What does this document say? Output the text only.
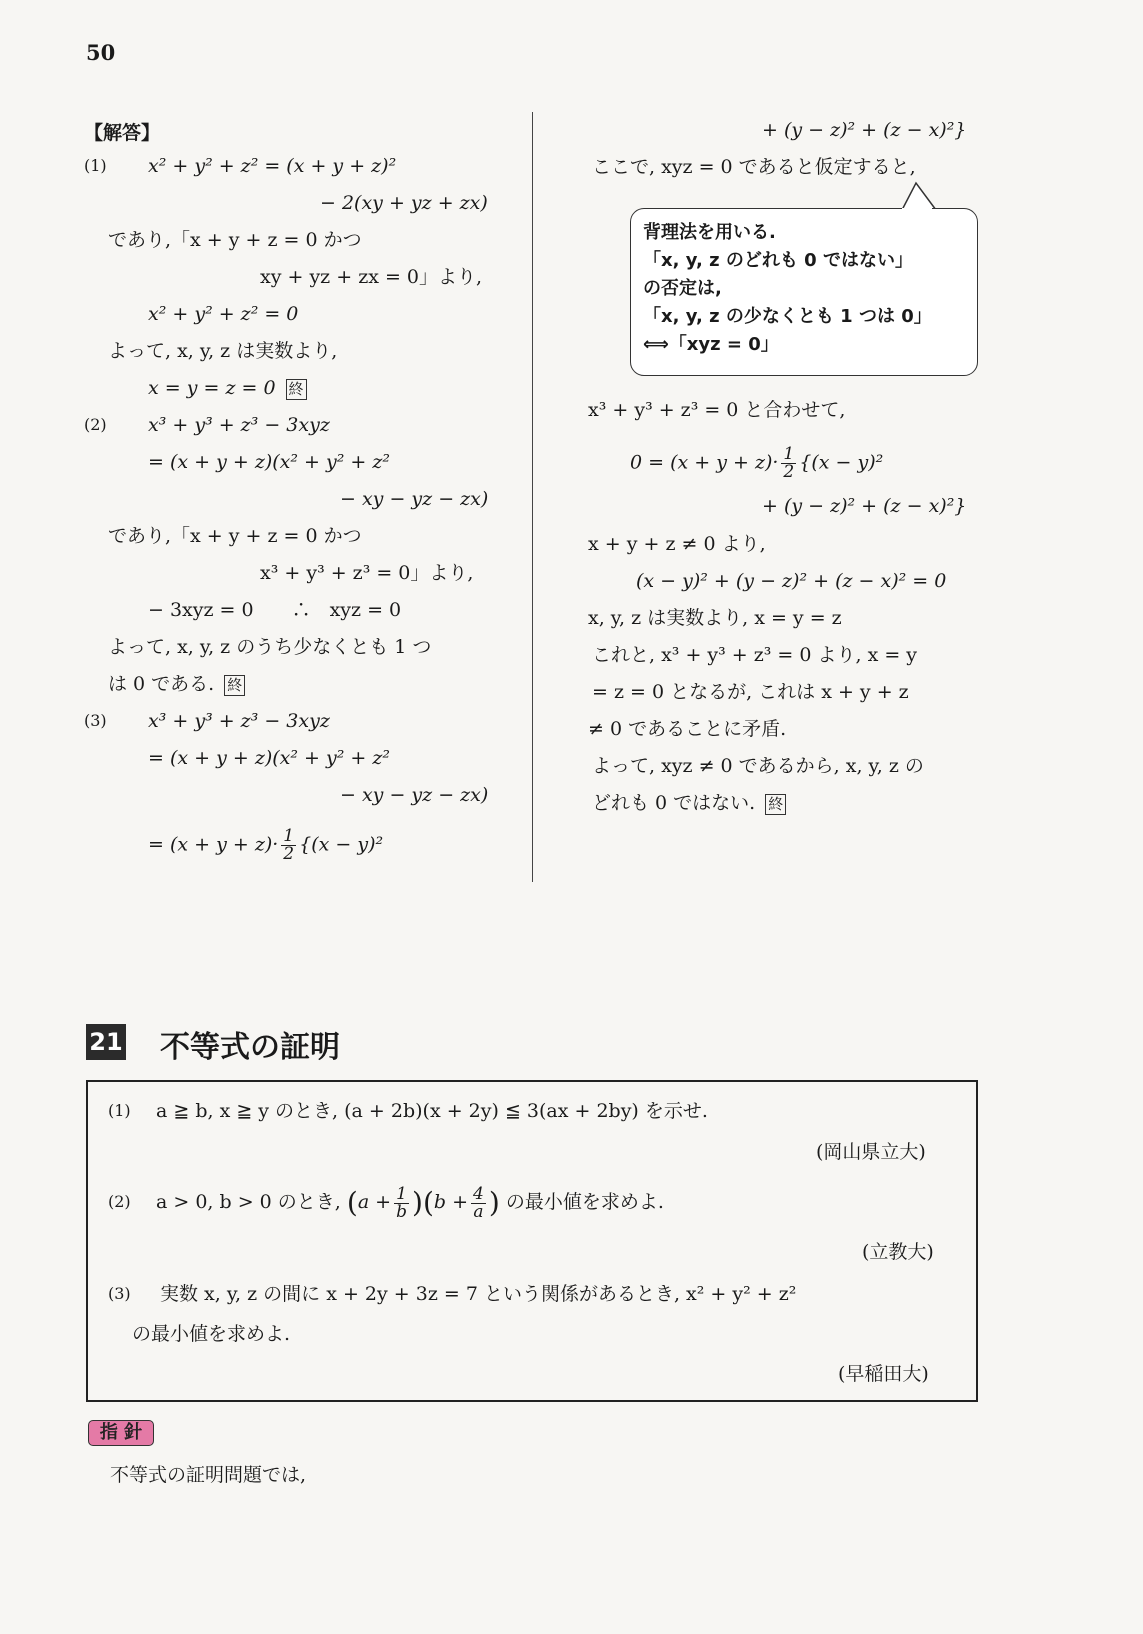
50
【解答】
(1) x² + y² + z² = (x + y + z)²
− 2(xy + yz + zx)
であり,「x + y + z = 0 かつ
xy + yz + zx = 0」より,
x² + y² + z² = 0
よって, x, y, z は実数より,
x = y = z = 0 終
(2) x³ + y³ + z³ − 3xyz
= (x + y + z)(x² + y² + z²
− xy − yz − zx)
であり,「x + y + z = 0 かつ
x³ + y³ + z³ = 0」より,
− 3xyz = 0　　∴　xyz = 0
よって, x, y, z のうち少なくとも 1 つ
は 0 である. 終
(3) x³ + y³ + z³ − 3xyz
= (x + y + z)(x² + y² + z²
− xy − yz − zx)
= $(x + y + z)\cdot \frac{1}{2} \{(x - y)^2$
+ (y − z)² + (z − x)²}
ここで, xyz = 0 であると仮定すると,
背理法を用いる.
「x, y, z のどれも 0 ではない」
の否定は,
「x, y, z の少なくとも 1 つは 0」
⟺「xyz = 0」
x³ + y³ + z³ = 0 と合わせて,
$0 = (x + y + z)\cdot \frac{1}{2} \{(x - y)^2$
+ (y − z)² + (z − x)²}
x + y + z ≠ 0 より,
(x − y)² + (y − z)² + (z − x)² = 0
x, y, z は実数より, x = y = z
これと, x³ + y³ + z³ = 0 より, x = y
= z = 0 となるが, これは x + y + z
≠ 0 であることに矛盾.
よって, xyz ≠ 0 であるから, x, y, z の
どれも 0 ではない. 終
21 不等式の証明
(1) a ≧ b, x ≧ y のとき, (a + 2b)(x + 2y) ≦ 3(ax + 2by) を示せ.
(岡山県立大)
(2) a > 0, b > 0 のとき, $(a + \frac{1}{b} )(b + \frac{4}{a}$ ) の最小値を求めよ.
(立教大)
(3) 実数 x, y, z の間に x + 2y + 3z = 7 という関係があるとき, x² + y² + z²
の最小値を求めよ.
(早稲田大)
指 針
不等式の証明問題では,
